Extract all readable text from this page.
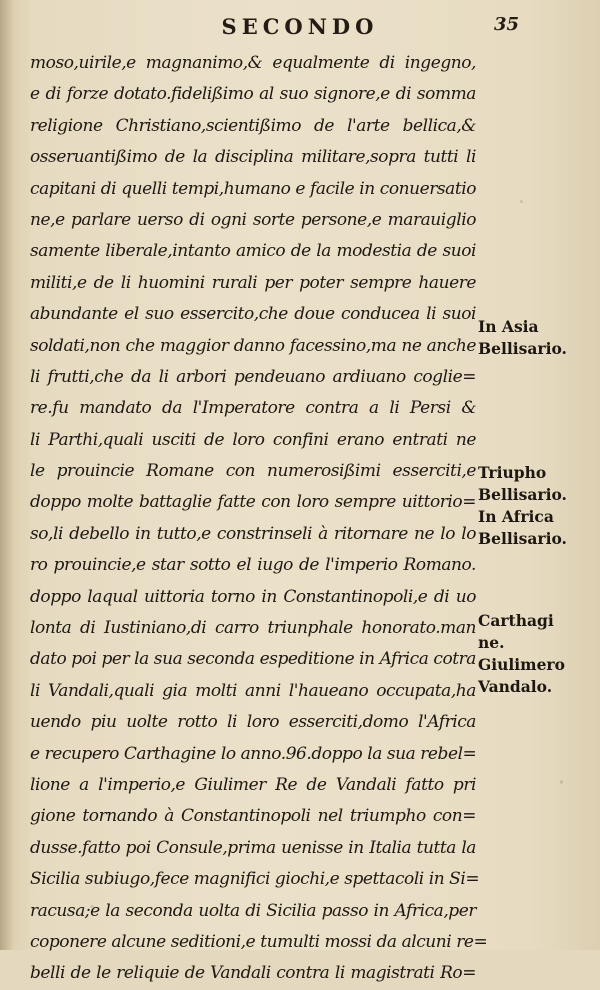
SECONDO	35
moso,uirile,e magnanimo,& equalmente di ingegno,
e di forze dotato.fidelißimo al suo signore,e di somma
religione Christiano,scientißimo de l'arte bellica,&
osseruantißimo de la disciplina militare,sopra tutti li
capitani di quelli tempi,humano e facile in conuersatio
ne,e parlare uerso di ogni sorte persone,e marauiglio
samente liberale,intanto amico de la modestia de suoi
militi,e de li huomini rurali per poter sempre hauere
abundante el suo essercito,che doue conducea li suoi
soldati,non che maggior danno facessino,ma ne anche
li frutti,che da li arbori pendeuano ardiuano coglie=
re.fu mandato da l'Imperatore contra a li Persi &
li Parthi,quali usciti de loro confini erano entrati ne
le prouincie Romane con numerosißimi esserciti,e
doppo molte battaglie fatte con loro sempre uittorio=
so,li debello in tutto,e constrinseli à ritornare ne lo lo
ro prouincie,e star sotto el iugo de l'imperio Romano.
doppo laqual uittoria torno in Constantinopoli,e di uo
lonta di Iustiniano,di carro triunphale honorato.man
dato poi per la sua seconda espeditione in Africa cotra
li Vandali,quali gia molti anni l'haueano occupata,ha
uendo piu uolte rotto li loro esserciti,domo l'Africa
e recupero Carthagine lo anno.96.doppo la sua rebel=
lione a l'imperio,e Giulimer Re de Vandali fatto pri
gione tornando à Constantinopoli nel triumpho con=
dusse.fatto poi Consule,prima uenisse in Italia tutta la
Sicilia subiugo,fece magnifici giochi,e spettacoli in Si=
racusa;e la seconda uolta di Sicilia passo in Africa,per
coponere alcune seditioni,e tumulti mossi da alcuni re=
belli de le reliquie de Vandali contra li magistrati Ro=
In Asia
Bellisario.
Triupho
Bellisario.
In Africa
Bellisario.
Carthagi
ne.
Giulimero
Vandalo.
